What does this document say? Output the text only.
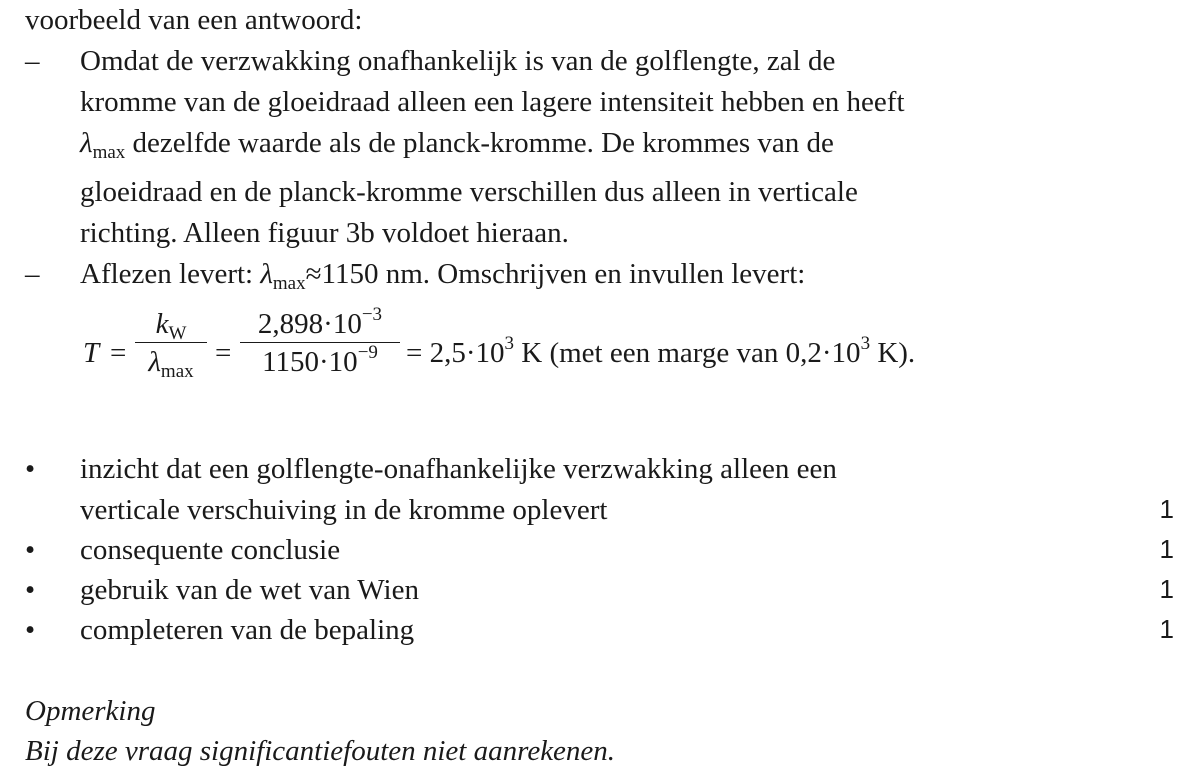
voorbeeld van een antwoord:
– Omdat de verzwakking onafhankelijk is van de golflengte, zal de
kromme van de gloeidraad alleen een lagere intensiteit hebben en heeft
$\lambda_{max}$ dezelfde waarde als de planck-kromme. De krommes van de
gloeidraad en de planck-kromme verschillen dus alleen in verticale
richting. Alleen figuur 3b voldoet hieraan.
– Aflezen levert: $\lambda_{max}\approx 1150$ nm. Omschrijven en invullen levert:
T =
$k_W$
$\lambda_{max}$
=
$2,898\cdot 10^{-3}$
$1150\cdot 10^{-9} = 2,5\cdot 10^3$ K (met een marge van $0,2\cdot 10^3$ K).
• inzicht dat een golflengte-onafhankelijke verzwakking alleen een
verticale verschuiving in de kromme oplevert	1
• consequente conclusie	1
• gebruik van de wet van Wien	1
• completeren van de bepaling	1
Opmerking
Bij deze vraag significantiefouten niet aanrekenen.
